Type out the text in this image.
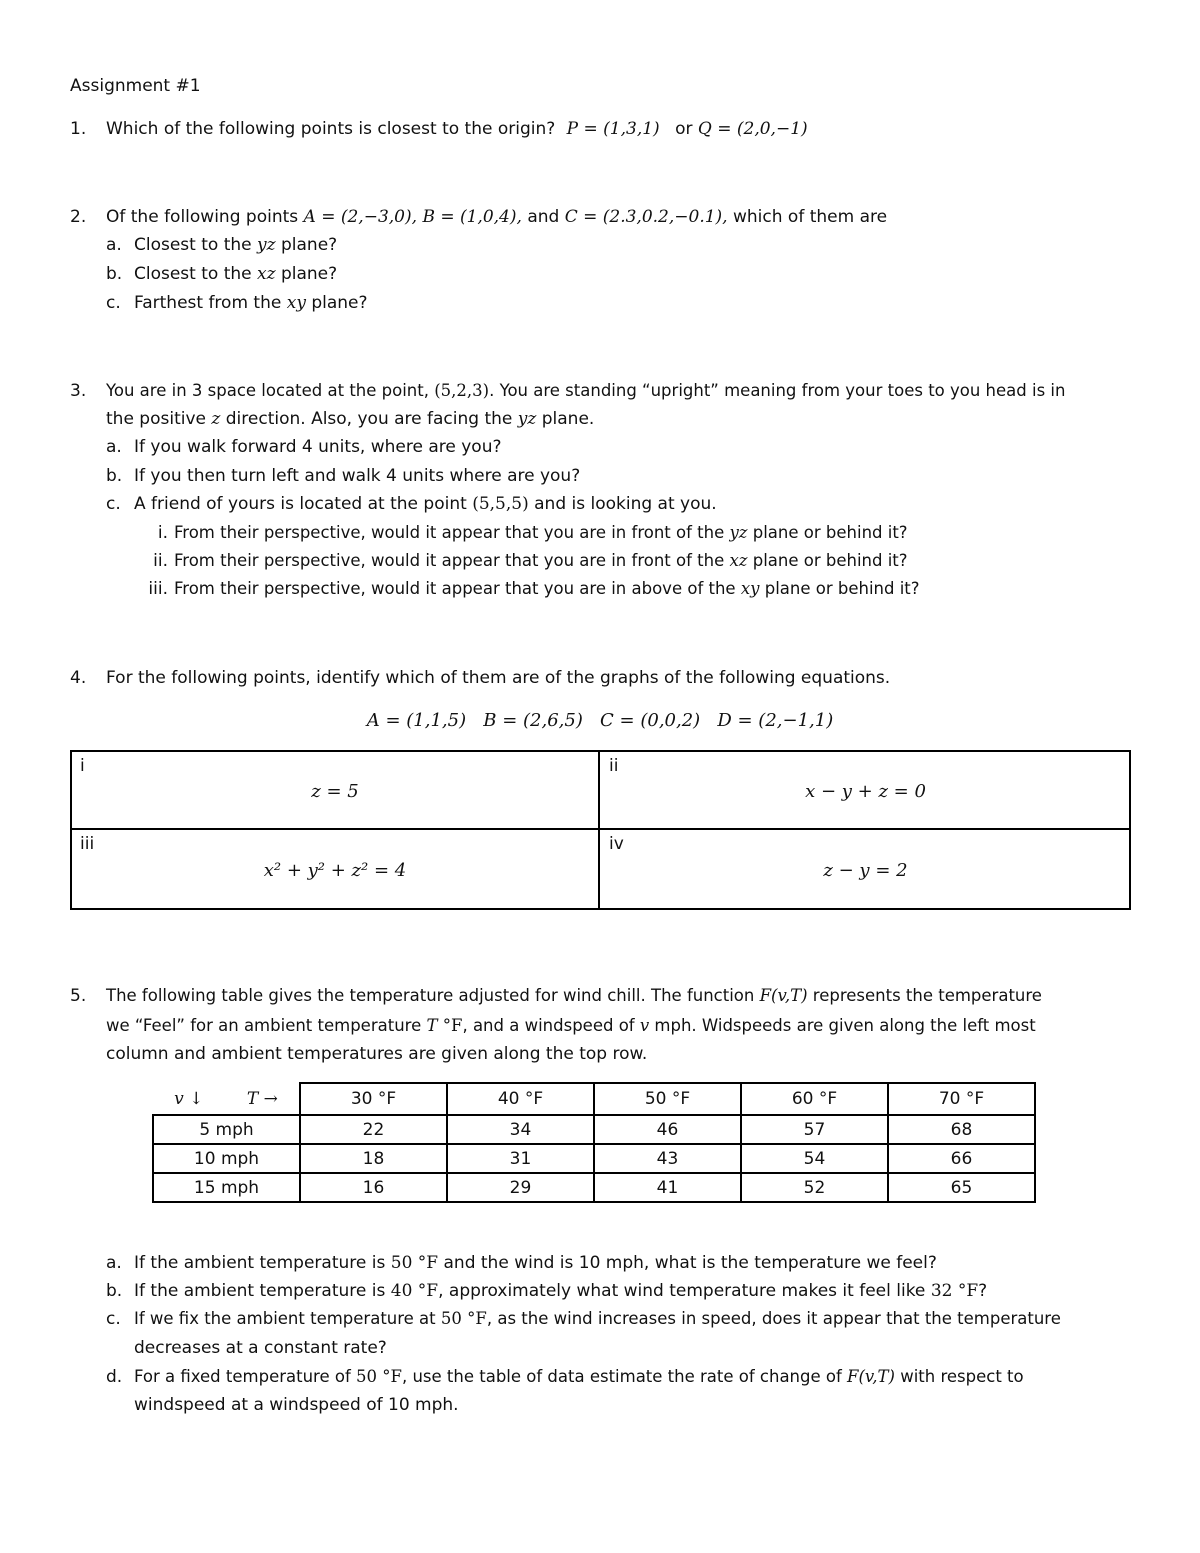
Assignment #1
1. Which of the following points is closest to the origin? P = (1,3,1) or Q = (2,0,−1)
2. Of the following points A = (2,−3,0), B = (1,0,4), and C = (2.3,0.2,−0.1), which of them are
a. Closest to the yz plane?
b. Closest to the xz plane?
c. Farthest from the xy plane?
3. You are in 3 space located at the point, (5,2,3). You are standing “upright” meaning from your toes to you head is in
the positive z direction. Also, you are facing the yz plane.
a. If you walk forward 4 units, where are you?
b. If you then turn left and walk 4 units where are you?
c. A friend of yours is located at the point (5,5,5) and is looking at you.
i. From their perspective, would it appear that you are in front of the yz plane or behind it?
ii. From their perspective, would it appear that you are in front of the xz plane or behind it?
iii. From their perspective, would it appear that you are in above of the xy plane or behind it?
4. For the following points, identify which of them are of the graphs of the following equations.
A = (1,1,5)   B = (2,6,5)   C = (0,0,2)   D = (2,−1,1)
i
z = 5
ii
x − y + z = 0
iii
x² + y² + z² = 4
iv
z − y = 2
5. The following table gives the temperature adjusted for wind chill. The function F(v,T) represents the temperature
we “Feel” for an ambient temperature T °F, and a windspeed of v mph. Widspeeds are given along the left most
column and ambient temperatures are given along the top row.
v ↓ T →	30 °F	40 °F	50 °F	60 °F	70 °F
5 mph	22	34	46	57	68
10 mph	18	31	43	54	66
15 mph	16	29	41	52	65
a. If the ambient temperature is 50 °F and the wind is 10 mph, what is the temperature we feel?
b. If the ambient temperature is 40 °F, approximately what wind temperature makes it feel like 32 °F?
c. If we fix the ambient temperature at 50 °F, as the wind increases in speed, does it appear that the temperature
decreases at a constant rate?
d. For a fixed temperature of 50 °F, use the table of data estimate the rate of change of F(v,T) with respect to
windspeed at a windspeed of 10 mph.
